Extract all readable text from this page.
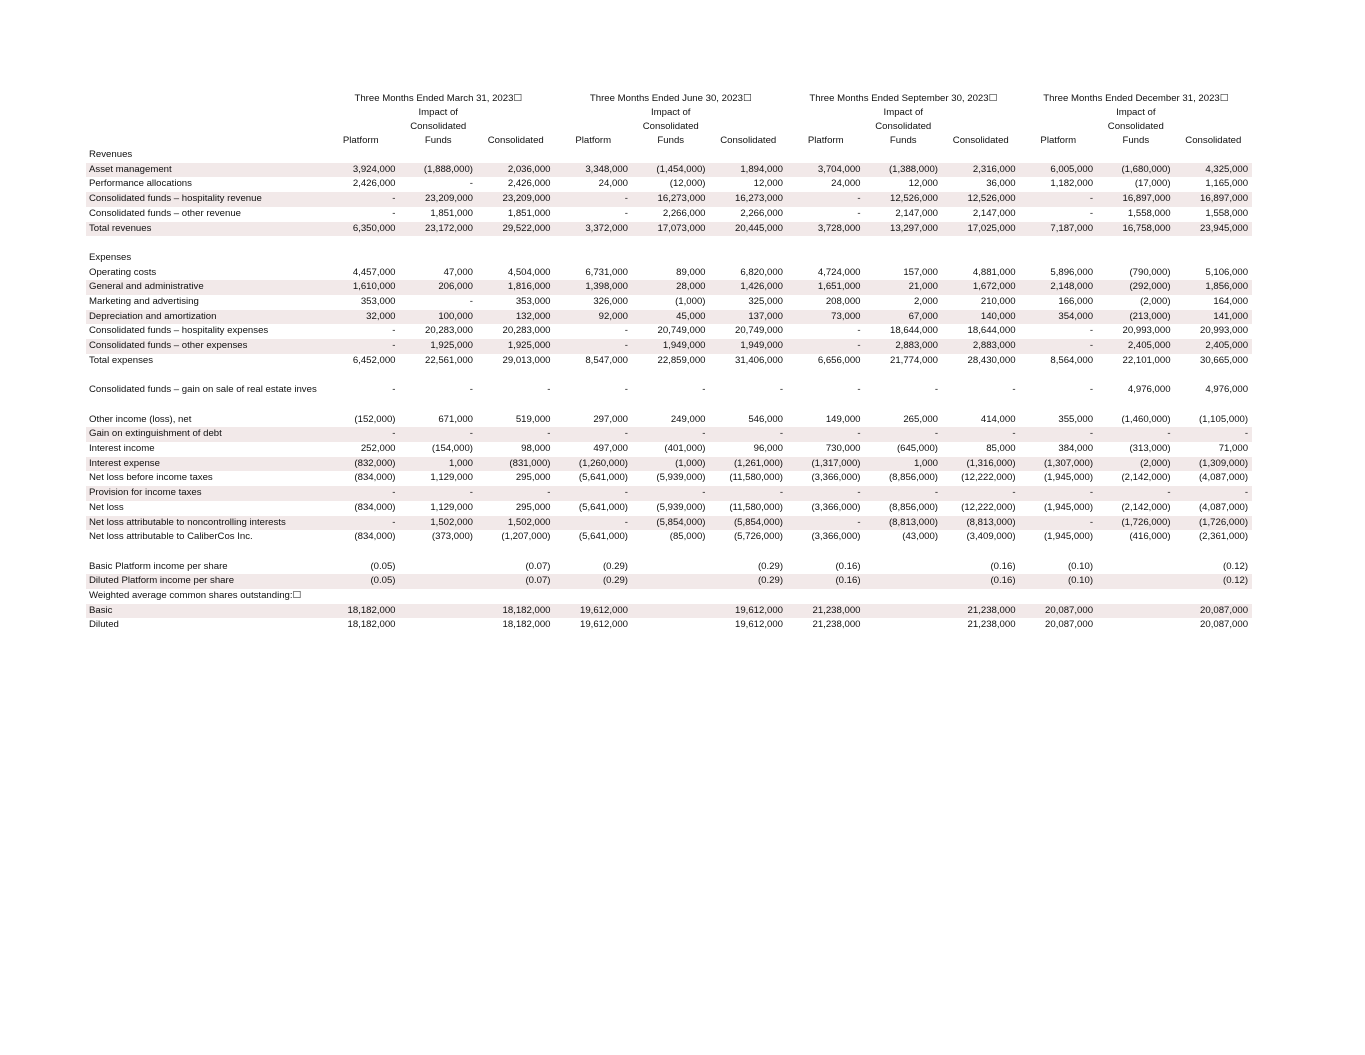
	Three Months Ended March 31, 2023☐			Three Months Ended June 30, 2023☐			Three Months Ended September 30, 2023☐			Three Months Ended December 31, 2023☐		

		Impact of			Impact of			Impact of			Impact of	
		Consolidated			Consolidated			Consolidated			Consolidated	

	Platform	Funds	Consolidated	Platform	Funds	Consolidated	Platform	Funds	Consolidated	Platform	Funds	Consolidated

Revenues	

Asset management	3,924,000	(1,888,000)	2,036,000	3,348,000	(1,454,000)	1,894,000	3,704,000	(1,388,000)	2,316,000	6,005,000	(1,680,000)	4,325,000

Performance allocations	2,426,000	-	2,426,000	24,000	(12,000)	12,000	24,000	12,000	36,000	1,182,000	(17,000)	1,165,000

Consolidated funds – hospitality revenue	-	23,209,000	23,209,000	-	16,273,000	16,273,000	-	12,526,000	12,526,000	-	16,897,000	16,897,000

Consolidated funds – other revenue	-	1,851,000	1,851,000	-	2,266,000	2,266,000	-	2,147,000	2,147,000	-	1,558,000	1,558,000

Total revenues	6,350,000	23,172,000	29,522,000	3,372,000	17,073,000	20,445,000	3,728,000	13,297,000	17,025,000	7,187,000	16,758,000	23,945,000

Expenses	

Operating costs	4,457,000	47,000	4,504,000	6,731,000	89,000	6,820,000	4,724,000	157,000	4,881,000	5,896,000	(790,000)	5,106,000

General and administrative	1,610,000	206,000	1,816,000	1,398,000	28,000	1,426,000	1,651,000	21,000	1,672,000	2,148,000	(292,000)	1,856,000

Marketing and advertising	353,000	-	353,000	326,000	(1,000)	325,000	208,000	2,000	210,000	166,000	(2,000)	164,000

Depreciation and amortization	32,000	100,000	132,000	92,000	45,000	137,000	73,000	67,000	140,000	354,000	(213,000)	141,000

Consolidated funds – hospitality expenses	-	20,283,000	20,283,000	-	20,749,000	20,749,000	-	18,644,000	18,644,000	-	20,993,000	20,993,000

Consolidated funds – other expenses	-	1,925,000	1,925,000	-	1,949,000	1,949,000	-	2,883,000	2,883,000	-	2,405,000	2,405,000

Total expenses	6,452,000	22,561,000	29,013,000	8,547,000	22,859,000	31,406,000	6,656,000	21,774,000	28,430,000	8,564,000	22,101,000	30,665,000

Consolidated funds – gain on sale of real estate inves	-	-	-	-	-	-	-	-	-	-	4,976,000	4,976,000

Other income (loss), net	(152,000)	671,000	519,000	297,000	249,000	546,000	149,000	265,000	414,000	355,000	(1,460,000)	(1,105,000)

Gain on extinguishment of debt	-	-	-	-	-	-	-	-	-	-	-	-

Interest income	252,000	(154,000)	98,000	497,000	(401,000)	96,000	730,000	(645,000)	85,000	384,000	(313,000)	71,000

Interest expense	(832,000)	1,000	(831,000)	(1,260,000)	(1,000)	(1,261,000)	(1,317,000)	1,000	(1,316,000)	(1,307,000)	(2,000)	(1,309,000)

Net loss before income taxes	(834,000)	1,129,000	295,000	(5,641,000)	(5,939,000)	(11,580,000)	(3,366,000)	(8,856,000)	(12,222,000)	(1,945,000)	(2,142,000)	(4,087,000)

Provision for income taxes	-	-	-	-	-	-	-	-	-	-	-	-

Net loss	(834,000)	1,129,000	295,000	(5,641,000)	(5,939,000)	(11,580,000)	(3,366,000)	(8,856,000)	(12,222,000)	(1,945,000)	(2,142,000)	(4,087,000)

Net loss attributable to noncontrolling interests	-	1,502,000	1,502,000	-	(5,854,000)	(5,854,000)	-	(8,813,000)	(8,813,000)	-	(1,726,000)	(1,726,000)

Net loss attributable to CaliberCos Inc.	(834,000)	(373,000)	(1,207,000)	(5,641,000)	(85,000)	(5,726,000)	(3,366,000)	(43,000)	(3,409,000)	(1,945,000)	(416,000)	(2,361,000)

Basic Platform income per share	(0.05)		(0.07)	(0.29)		(0.29)	(0.16)		(0.16)	(0.10)		(0.12)

Diluted Platform income per share	(0.05)		(0.07)	(0.29)		(0.29)	(0.16)		(0.16)	(0.10)		(0.12)

Weighted average common shares outstanding:☐	

Basic	18,182,000		18,182,000	19,612,000		19,612,000	21,238,000		21,238,000	20,087,000		20,087,000

Diluted	18,182,000		18,182,000	19,612,000		19,612,000	21,238,000		21,238,000	20,087,000		20,087,000
